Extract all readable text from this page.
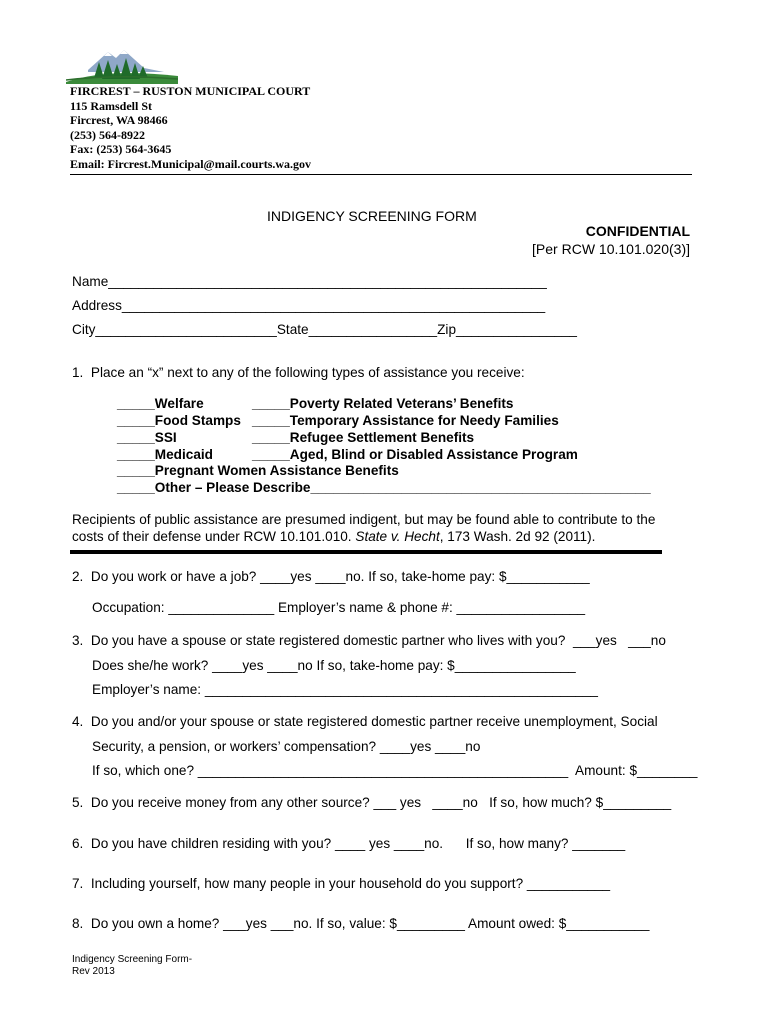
FIRCREST – RUSTON MUNICIPAL COURT
115 Ramsdell St
Fircrest, WA 98466
(253) 564-8922
Fax: (253) 564-3645
Email: Fircrest.Municipal@mail.courts.wa.gov
INDIGENCY SCREENING FORM
CONFIDENTIAL
[Per RCW 10.101.020(3)]
Name__________________________________________________________
Address________________________________________________________
City________________________State_________________Zip________________
1.  Place an “x” next to any of the following types of assistance you receive:
_____Welfare
_____Food Stamps
_____SSI
_____Medicaid
_____Pregnant Women Assistance Benefits
_____Other – Please Describe_____________________________________________
_____Poverty Related Veterans’ Benefits
_____Temporary Assistance for Needy Families
_____Refugee Settlement Benefits
_____Aged, Blind or Disabled Assistance Program
Recipients of public assistance are presumed indigent, but may be found able to contribute to the costs of their defense under RCW 10.101.010. State v. Hecht, 173 Wash. 2d 92 (2011).
2.  Do you work or have a job? ____yes ____no. If so, take-home pay: $___________
Occupation: ______________ Employer’s name & phone #: _________________
3.  Do you have a spouse or state registered domestic partner who lives with you?  ___yes   ___no
Does she/he work? ____yes ____no If so, take-home pay: $________________
Employer’s name: ____________________________________________________
4.  Do you and/or your spouse or state registered domestic partner receive unemployment, Social
Security, a pension, or workers’ compensation? ____yes ____no
If so, which one? _________________________________________________  Amount: $________
5.  Do you receive money from any other source? ___ yes   ____no   If so, how much? $_________
6.  Do you have children residing with you? ____ yes ____no.      If so, how many? _______
7.  Including yourself, how many people in your household do you support? ___________
8.  Do you own a home? ___yes ___no. If so, value: $_________ Amount owed: $___________
Indigency Screening Form-
Rev 2013
